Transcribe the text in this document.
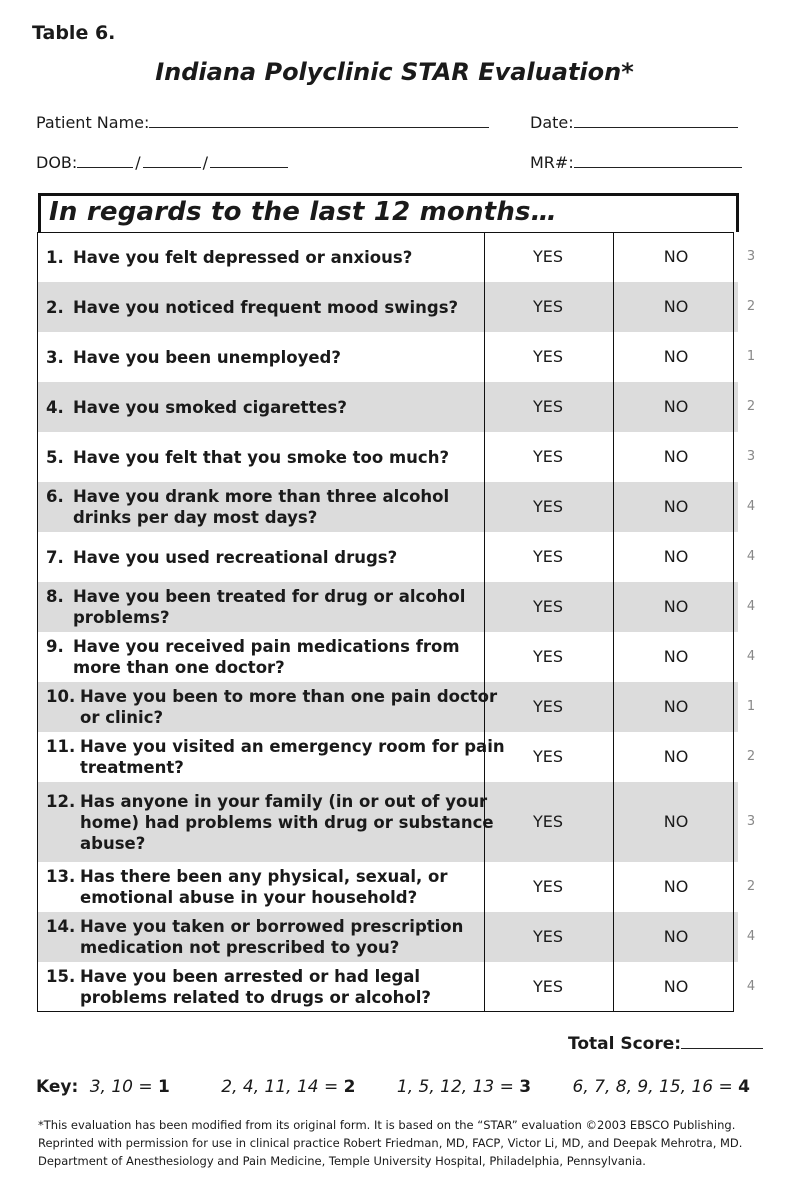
Table 6.
Indiana Polyclinic STAR Evaluation*
Patient Name:	Date:
DOB:	/	/	MR#:
In regards to the last 12 months…
1. Have you felt depressed or anxious?	YES	NO	3
2. Have you noticed frequent mood swings?	YES	NO	2
3. Have you been unemployed?	YES	NO	1
4. Have you smoked cigarettes?	YES	NO	2
5. Have you felt that you smoke too much?	YES	NO	3
6. Have you drank more than three alcohol
drinks per day most days?
YES	NO	4
7. Have you used recreational drugs?	YES	NO	4
8. Have you been treated for drug or alcohol
problems?
YES	NO	4
9. Have you received pain medications from
more than one doctor?
YES	NO	4
10. Have you been to more than one pain doctor
or clinic?
YES	NO	1
11. Have you visited an emergency room for pain
treatment?
YES	NO	2
12. Has anyone in your family (in or out of your
home) had problems with drug or substance
abuse?
YES	NO	3
13. Has there been any physical, sexual, or
emotional abuse in your household?
YES	NO	2
14. Have you taken or borrowed prescription
medication not prescribed to you?
YES	NO	4
15. Have you been arrested or had legal
problems related to drugs or alcohol?
YES	NO	4
Total Score:
Key: 3, 10 = 1	2, 4, 11, 14 = 2 1, 5, 12, 13 = 3 6, 7, 8, 9, 15, 16 = 4
*This evaluation has been modified from its original form. It is based on the “STAR” evaluation ©2003 EBSCO Publishing.
Reprinted with permission for use in clinical practice Robert Friedman, MD, FACP, Victor Li, MD, and Deepak Mehrotra, MD.
Department of Anesthesiology and Pain Medicine, Temple University Hospital, Philadelphia, Pennsylvania.
